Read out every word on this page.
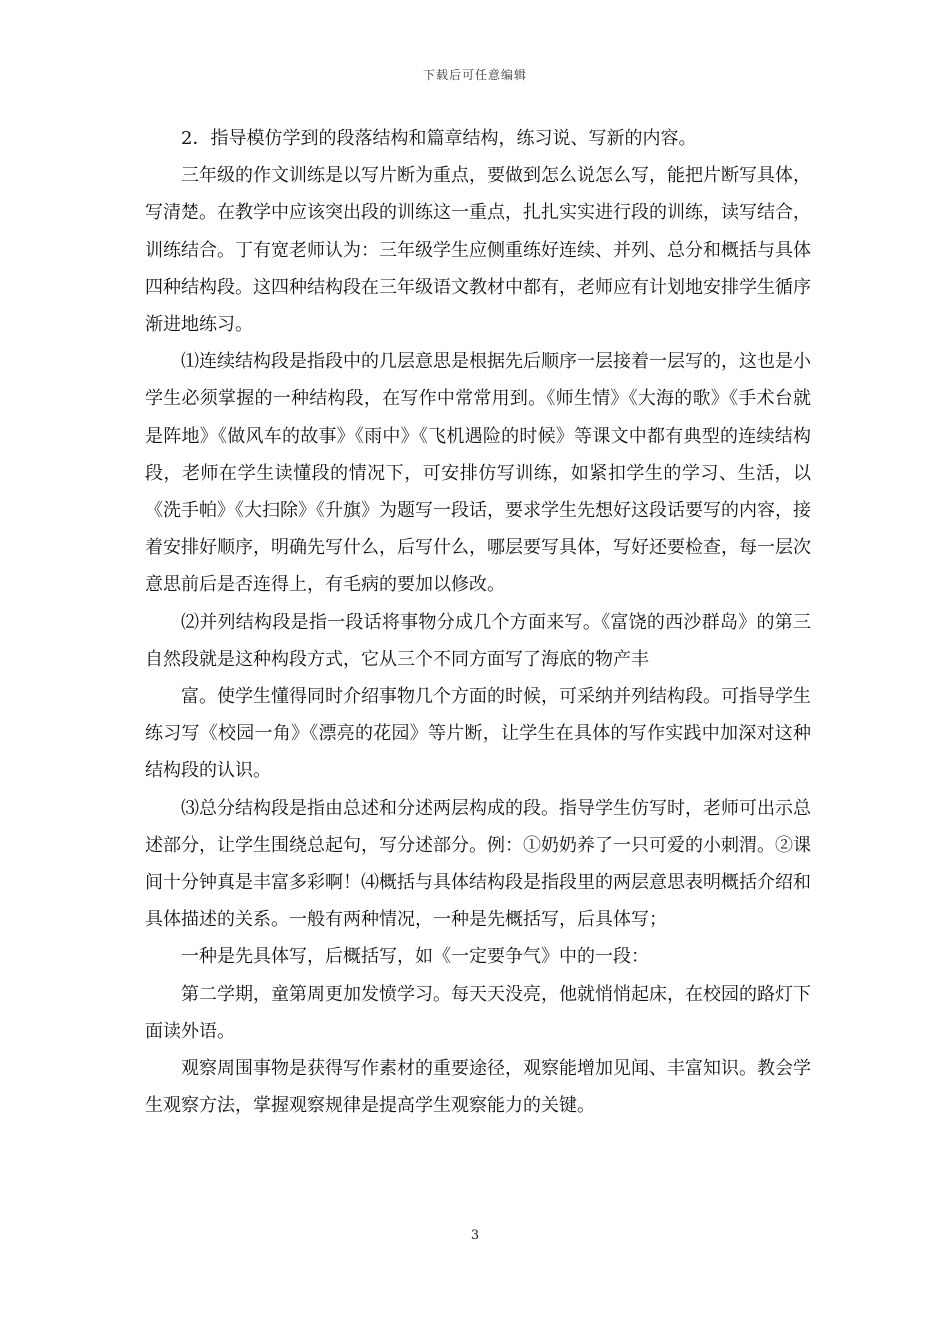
下载后可任意编辑

2．指导模仿学到的段落结构和篇章结构，练习说、写新的内容。

三年级的作文训练是以写片断为重点，要做到怎么说怎么写，能把片断写具体，写清楚。在教学中应该突出段的训练这一重点，扎扎实实进行段的训练，读写结合，训练结合。丁有宽老师认为：三年级学生应侧重练好连续、并列、总分和概括与具体四种结构段。这四种结构段在三年级语文教材中都有，老师应有计划地安排学生循序渐进地练习。

⑴连续结构段是指段中的几层意思是根据先后顺序一层接着一层写的，这也是小学生必须掌握的一种结构段，在写作中常常用到。《师生情》《大海的歌》《手术台就是阵地》《做风车的故事》《雨中》《飞机遇险的时候》等课文中都有典型的连续结构段，老师在学生读懂段的情况下，可安排仿写训练，如紧扣学生的学习、生活，以《洗手帕》《大扫除》《升旗》为题写一段话，要求学生先想好这段话要写的内容，接着安排好顺序，明确先写什么，后写什么，哪层要写具体，写好还要检查，每一层次意思前后是否连得上，有毛病的要加以修改。

⑵并列结构段是指一段话将事物分成几个方面来写。《富饶的西沙群岛》的第三自然段就是这种构段方式，它从三个不同方面写了海底的物产丰

富。使学生懂得同时介绍事物几个方面的时候，可采纳并列结构段。可指导学生练习写《校园一角》《漂亮的花园》等片断，让学生在具体的写作实践中加深对这种结构段的认识。

⑶总分结构段是指由总述和分述两层构成的段。指导学生仿写时，老师可出示总述部分，让学生围绕总起句，写分述部分。例：①奶奶养了一只可爱的小刺渭。②课间十分钟真是丰富多彩啊！⑷概括与具体结构段是指段里的两层意思表明概括介绍和具体描述的关系。一般有两种情况，一种是先概括写，后具体写；

一种是先具体写，后概括写，如《一定要争气》中的一段：

第二学期，童第周更加发愤学习。每天天没亮，他就悄悄起床，在校园的路灯下面读外语。

观察周围事物是获得写作素材的重要途径，观察能增加见闻、丰富知识。教会学生观察方法，掌握观察规律是提高学生观察能力的关键。

3
